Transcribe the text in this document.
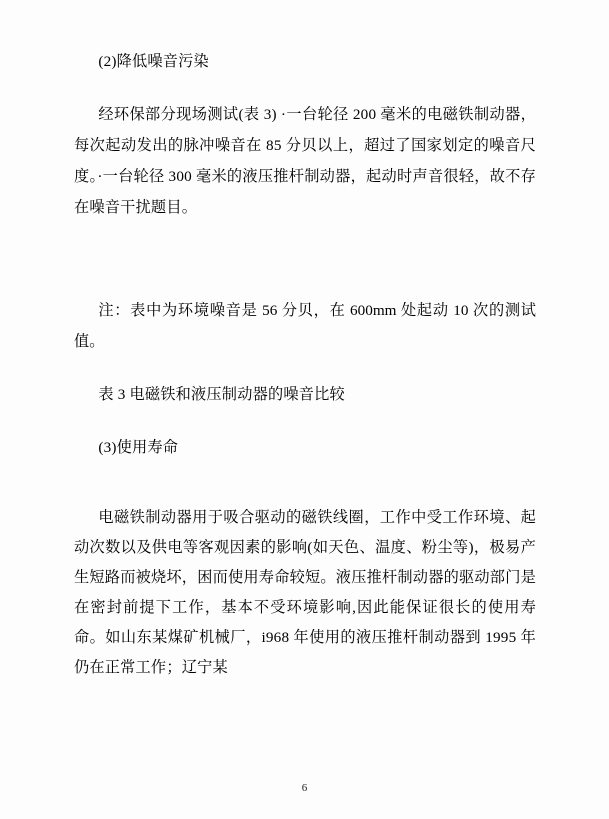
(2)降低噪音污染

经环保部分现场测试(表 3) ·一台轮径 200 毫米的电磁铁制动器，每次起动发出的脉冲噪音在 85 分贝以上，超过了国家划定的噪音尺度。·一台轮径 300 毫米的液压推杆制动器，起动时声音很轻，故不存在噪音干扰题目。

注：表中为环境噪音是 56 分贝，在 600mm 处起动 10 次的测试值。

表 3 电磁铁和液压制动器的噪音比较

(3)使用寿命

电磁铁制动器用于吸合驱动的磁铁线圈，工作中受工作环境、起动次数以及供电等客观因素的影响(如天色、温度、粉尘等)，极易产生短路而被烧坏，困而使用寿命较短。液压推杆制动器的驱动部门是在密封前提下工作，基本不受环境影响,因此能保证很长的使用寿命。如山东某煤矿机械厂，i968 年使用的液压推杆制动器到 1995 年仍在正常工作；辽宁某

6
